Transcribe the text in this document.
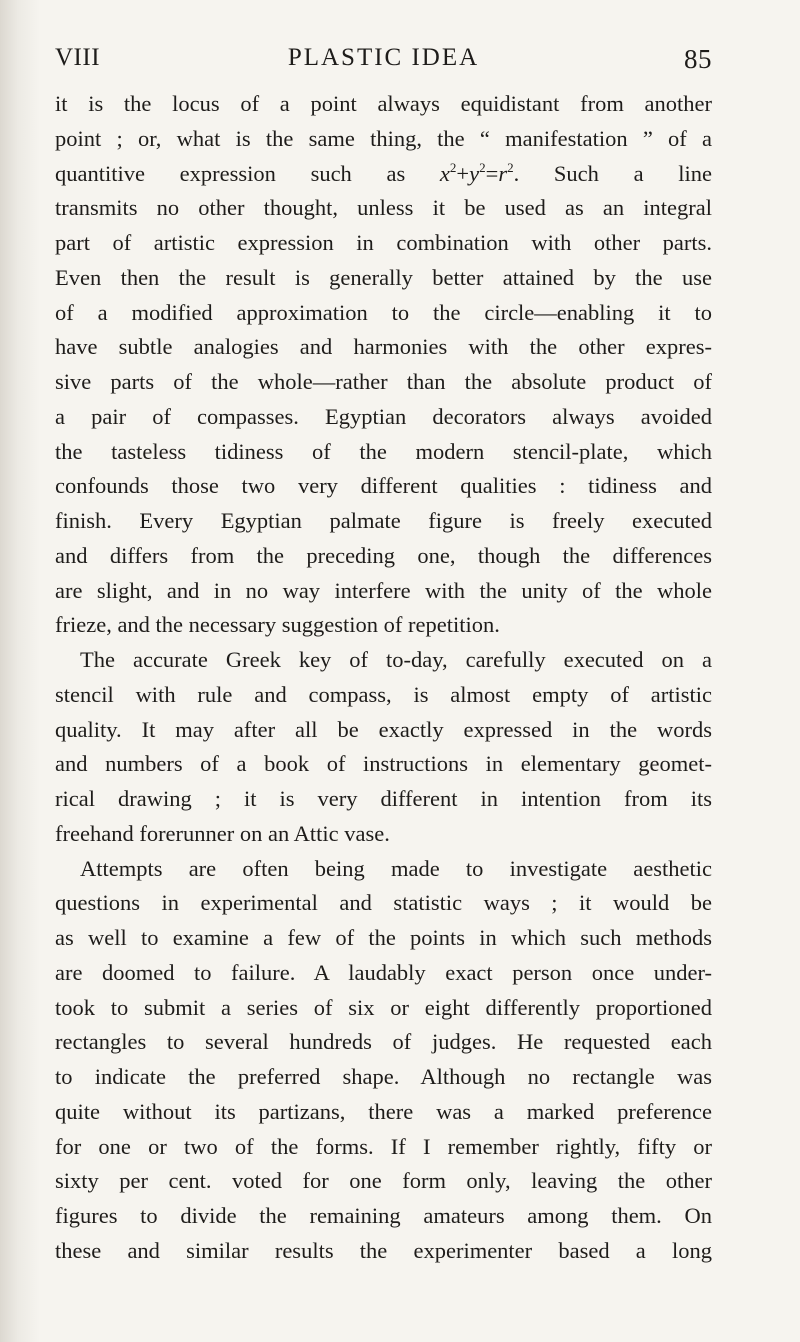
VIII	PLASTIC IDEA	85
it is the locus of a point always equidistant from another
point ; or, what is the same thing, the “ manifestation ” of a
quantitive expression such as $x^2+y^2=r^2$. Such a line
transmits no other thought, unless it be used as an integral
part of artistic expression in combination with other parts.
Even then the result is generally better attained by the use
of a modified approximation to the circle—enabling it to
have subtle analogies and harmonies with the other expres-
sive parts of the whole—rather than the absolute product of
a pair of compasses. Egyptian decorators always avoided
the tasteless tidiness of the modern stencil-plate, which
confounds those two very different qualities : tidiness and
finish. Every Egyptian palmate figure is freely executed
and differs from the preceding one, though the differences
are slight, and in no way interfere with the unity of the whole
frieze, and the necessary suggestion of repetition.
The accurate Greek key of to-day, carefully executed on a
stencil with rule and compass, is almost empty of artistic
quality. It may after all be exactly expressed in the words
and numbers of a book of instructions in elementary geomet-
rical drawing ; it is very different in intention from its
freehand forerunner on an Attic vase.
Attempts are often being made to investigate aesthetic
questions in experimental and statistic ways ; it would be
as well to examine a few of the points in which such methods
are doomed to failure. A laudably exact person once under-
took to submit a series of six or eight differently proportioned
rectangles to several hundreds of judges. He requested each
to indicate the preferred shape. Although no rectangle was
quite without its partizans, there was a marked preference
for one or two of the forms. If I remember rightly, fifty or
sixty per cent. voted for one form only, leaving the other
figures to divide the remaining amateurs among them. On
these and similar results the experimenter based a long
